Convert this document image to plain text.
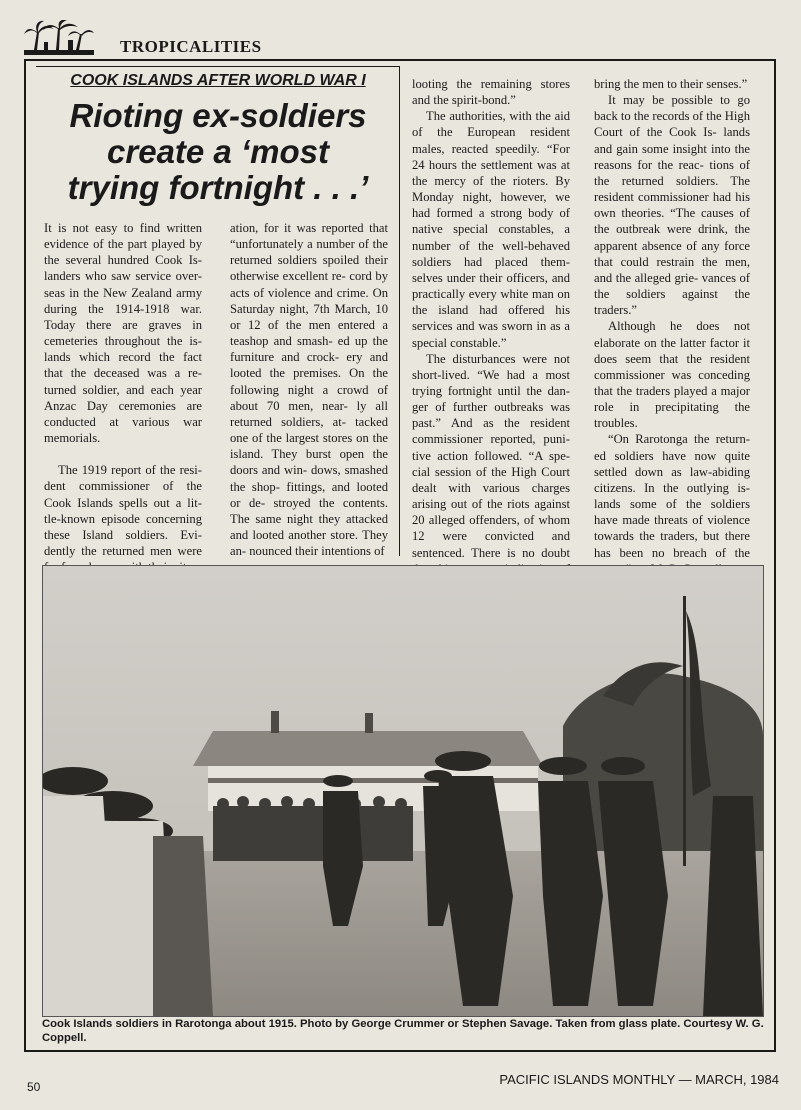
TROPICALITIES
COOK ISLANDS AFTER WORLD WAR I
Rioting ex-soldiers
create a ‘most
trying fortnight . . .’

It is not easy to find written evidence of the part played by the several hundred Cook Is- landers who saw service over- seas in the New Zealand army during the 1914-1918 war. Today there are graves in cemeteries throughout the is- lands which record the fact that the deceased was a re- turned soldier, and each year Anzac Day ceremonies are conducted at various war memorials.

The 1919 report of the resi- dent commissioner of the Cook Islands spells out a lit- tle-known episode concerning these Island soldiers. Evi- dently the returned men were

ation, for it was reported that “unfortunately a number of the returned soldiers spoiled their otherwise excellent re- cord by acts of violence and crime. On Saturday night, 7th March, 10 or 12 of the men entered a teashop and smash- ed up the furniture and crock- ery and looted the premises. On the following night a crowd of about 70 men, near- ly all returned soldiers, at- tacked one of the largest stores on the island. They burst open the doors and win- dows, smashed the shop- fittings, and looted or de- stroyed the contents. The same night they attacked and looted another store. They an- nounced their intentions of

looting the remaining stores and the spirit-bond.”

The authorities, with the aid of the European resident males, reacted speedily. “For 24 hours the settlement was at the mercy of the rioters. By Monday night, however, we had formed a strong body of native special constables, a number of the well-behaved soldiers had placed them- selves under their officers, and practically every white man on the island had offered his services and was sworn in as a special constable.”

The disturbances were not short-lived. “We had a most trying fortnight until the dan- ger of further outbreaks was past.” And as the resident commissioner reported, puni- tive action followed. “A spe- cial session of the High Court dealt with various charges arising out of the riots against 20 alleged offenders, of whom 12 were convicted and sentenced. There is no doubt

bring the men to their senses.”

It may be possible to go back to the records of the High Court of the Cook Is- lands and gain some insight into the reasons for the reac- tions of the returned soldiers. The resident commissioner had his own theories. “The causes of the outbreak were drink, the apparent absence of any force that could restrain the men, and the alleged grie- vances of the soldiers against the traders.”

Although he does not elaborate on the latter factor it does seem that the resident commissioner was conceding that the traders played a major role in precipitating the troubles.

“On Rarotonga the return- ed soldiers have now quite settled down as law-abiding citizens. In the outlying is- lands some of the soldiers have made threats of violence towards the traders, but there has been no breach of the

Cook Islands soldiers in Rarotonga about 1915. Photo by George Crummer or Stephen Savage. Taken from glass plate. Courtesy W. G. Coppell.
50	PACIFIC ISLANDS MONTHLY — MARCH, 1984
